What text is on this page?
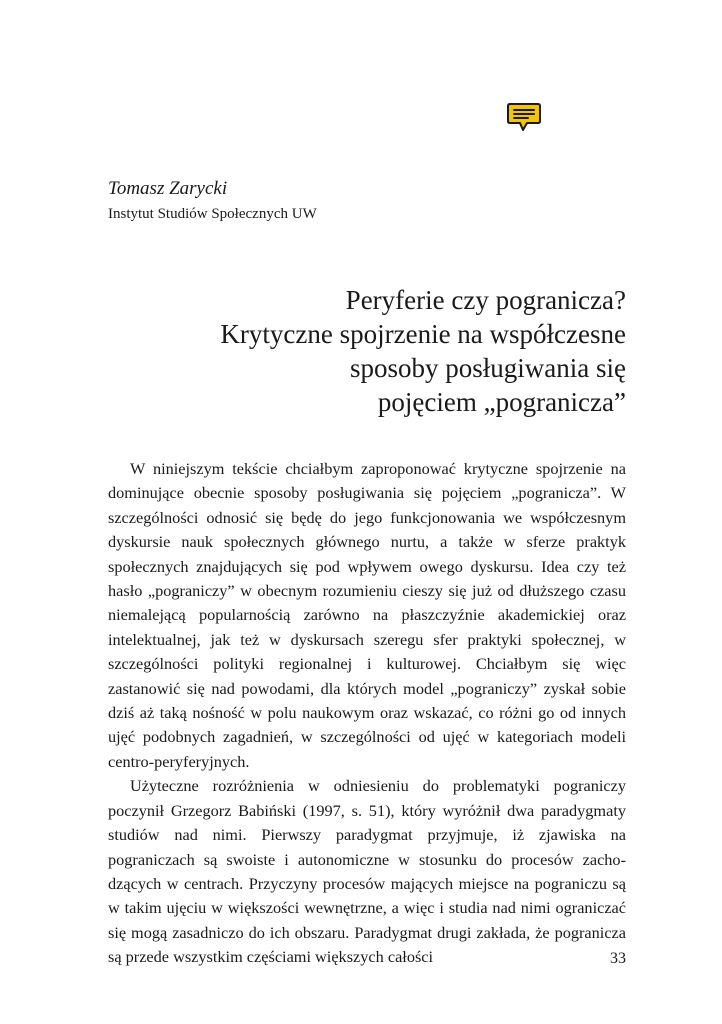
Tomasz Zarycki
Instytut Studiów Społecznych UW
Peryferie czy pogranicza?
Krytyczne spojrzenie na współczesne
sposoby posługiwania się
pojęciem „pogranicza”

W niniejszym tekście chciałbym zaproponować krytyczne spojrzenie na dominujące obecnie sposoby posługiwania się pojęciem „pogranicza”. W szczególności odnosić się będę do jego funkcjonowania we współczesnym dyskursie nauk społecznych głównego nurtu, a także w sferze praktyk społecznych znajdujących się pod wpływem owego dyskursu. Idea czy też hasło „pograniczy” w obecnym rozumieniu cieszy się już od dłuższego czasu niemalejącą popularnością zarówno na płaszczyźnie akademickiej oraz intelektualnej, jak też w dyskursach szeregu sfer praktyki społecznej, w szczególności polityki regionalnej i kulturowej. Chciałbym się więc zastanowić się nad powodami, dla których model „pograniczy” zyskał sobie dziś aż taką nośność w polu naukowym oraz wskazać, co różni go od innych ujęć podobnych zagadnień, w szczególności od ujęć w kategoriach modeli centro-peryferyjnych.

Użyteczne rozróżnienia w odniesieniu do problematyki pograniczy poczynił Grzegorz Babiński (1997, s. 51), który wyróżnił dwa paradygmaty studiów nad nimi. Pierwszy paradygmat przyjmuje, iż zjawiska na pograniczach są swoiste i autonomiczne w stosunku do procesów zachodzących w centrach. Przyczyny procesów mających miejsce na pograniczu są w takim ujęciu w większości wewnętrzne, a więc i studia nad nimi ograniczać się mogą zasadniczo do ich obszaru. Paradygmat drugi zakłada, że pogranicza są przede wszystkim częściami większych całości	33
